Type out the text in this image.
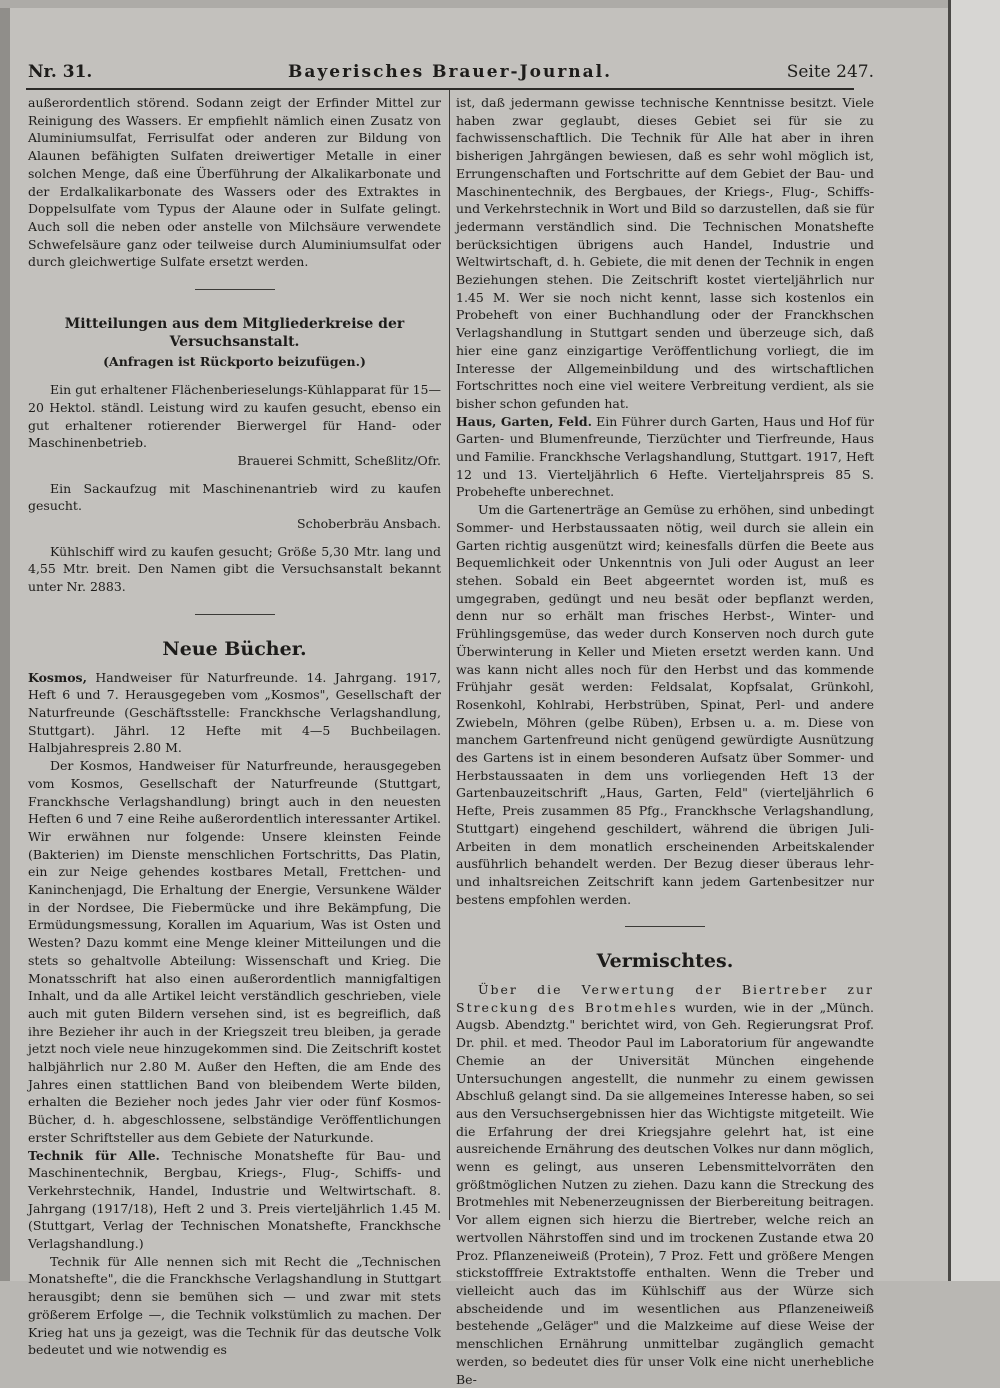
Nr. 31.	Bayerisches Brauer-Journal.	Seite 247.

außerordentlich störend. Sodann zeigt der Erfinder Mittel zur Reinigung des Wassers. Er empfiehlt nämlich einen Zusatz von Aluminiumsulfat, Ferrisulfat oder anderen zur Bildung von Alaunen befähigten Sulfaten dreiwertiger Metalle in einer solchen Menge, daß eine Überführung der Alkalikarbonate und der Erdalkalikarbonate des Wassers oder des Extraktes in Doppelsulfate vom Typus der Alaune oder in Sulfate gelingt. Auch soll die neben oder anstelle von Milchsäure verwendete Schwefelsäure ganz oder teilweise durch Aluminiumsulfat oder durch gleichwertige Sulfate ersetzt werden.

Mitteilungen aus dem Mitgliederkreise der Versuchsanstalt.
(Anfragen ist Rückporto beizufügen.)

Ein gut erhaltener Flächenberieselungs-Kühlapparat für 15—20 Hektol. ständl. Leistung wird zu kaufen gesucht, ebenso ein gut erhaltener rotierender Bierwergel für Hand- oder Maschinenbetrieb.

Brauerei Schmitt, Scheßlitz/Ofr.

Ein Sackaufzug mit Maschinenantrieb wird zu kaufen gesucht.

Schoberbräu Ansbach.

Kühlschiff wird zu kaufen gesucht; Größe 5,30 Mtr. lang und 4,55 Mtr. breit. Den Namen gibt die Versuchsanstalt bekannt unter Nr. 2883.

Neue Bücher.

Kosmos, Handweiser für Naturfreunde. 14. Jahrgang. 1917, Heft 6 und 7. Herausgegeben vom „Kosmos", Gesellschaft der Naturfreunde (Geschäftsstelle: Franckhsche Verlagshandlung, Stuttgart). Jährl. 12 Hefte mit 4—5 Buchbeilagen. Halbjahrespreis 2.80 M.

Der Kosmos, Handweiser für Naturfreunde, herausgegeben vom Kosmos, Gesellschaft der Naturfreunde (Stuttgart, Franckhsche Verlagshandlung) bringt auch in den neuesten Heften 6 und 7 eine Reihe außerordentlich interessanter Artikel. Wir erwähnen nur folgende: Unsere kleinsten Feinde (Bakterien) im Dienste menschlichen Fortschritts, Das Platin, ein zur Neige gehendes kostbares Metall, Frettchen- und Kaninchenjagd, Die Erhaltung der Energie, Versunkene Wälder in der Nordsee, Die Fiebermücke und ihre Bekämpfung, Die Ermüdungsmessung, Korallen im Aquarium, Was ist Osten und Westen? Dazu kommt eine Menge kleiner Mitteilungen und die stets so gehaltvolle Abteilung: Wissenschaft und Krieg. Die Monatsschrift hat also einen außerordentlich mannigfaltigen Inhalt, und da alle Artikel leicht verständlich geschrieben, viele auch mit guten Bildern versehen sind, ist es begreiflich, daß ihre Bezieher ihr auch in der Kriegszeit treu bleiben, ja gerade jetzt noch viele neue hinzugekommen sind. Die Zeitschrift kostet halbjährlich nur 2.80 M. Außer den Heften, die am Ende des Jahres einen stattlichen Band von bleibendem Werte bilden, erhalten die Bezieher noch jedes Jahr vier oder fünf Kosmos-Bücher, d. h. abgeschlossene, selbständige Veröffentlichungen erster Schriftsteller aus dem Gebiete der Naturkunde.

Technik für Alle. Technische Monatshefte für Bau- und Maschinentechnik, Bergbau, Kriegs-, Flug-, Schiffs- und Verkehrstechnik, Handel, Industrie und Weltwirtschaft. 8. Jahrgang (1917/18), Heft 2 und 3. Preis vierteljährlich 1.45 M. (Stuttgart, Verlag der Technischen Monatshefte, Franckhsche Verlagshandlung.)

Technik für Alle nennen sich mit Recht die „Technischen Monatshefte", die die Franckhsche Verlagshandlung in Stuttgart herausgibt; denn sie bemühen sich — und zwar mit stets größerem Erfolge —, die Technik volkstümlich zu machen. Der Krieg hat uns ja gezeigt, was die Technik für das deutsche Volk bedeutet und wie notwendig es

ist, daß jedermann gewisse technische Kenntnisse besitzt. Viele haben zwar geglaubt, dieses Gebiet sei für sie zu fachwissenschaftlich. Die Technik für Alle hat aber in ihren bisherigen Jahrgängen bewiesen, daß es sehr wohl möglich ist, Errungenschaften und Fortschritte auf dem Gebiet der Bau- und Maschinentechnik, des Bergbaues, der Kriegs-, Flug-, Schiffs- und Verkehrstechnik in Wort und Bild so darzustellen, daß sie für jedermann verständlich sind. Die Technischen Monatshefte berücksichtigen übrigens auch Handel, Industrie und Weltwirtschaft, d. h. Gebiete, die mit denen der Technik in engen Beziehungen stehen. Die Zeitschrift kostet vierteljährlich nur 1.45 M. Wer sie noch nicht kennt, lasse sich kostenlos ein Probeheft von einer Buchhandlung oder der Franckhschen Verlagshandlung in Stuttgart senden und überzeuge sich, daß hier eine ganz einzigartige Veröffentlichung vorliegt, die im Interesse der Allgemeinbildung und des wirtschaftlichen Fortschrittes noch eine viel weitere Verbreitung verdient, als sie bisher schon gefunden hat.

Haus, Garten, Feld. Ein Führer durch Garten, Haus und Hof für Garten- und Blumenfreunde, Tierzüchter und Tierfreunde, Haus und Familie. Franckhsche Verlagshandlung, Stuttgart. 1917, Heft 12 und 13. Vierteljährlich 6 Hefte. Vierteljahrspreis 85 S. Probehefte unberechnet.

Um die Gartenerträge an Gemüse zu erhöhen, sind unbedingt Sommer- und Herbstaussaaten nötig, weil durch sie allein ein Garten richtig ausgenützt wird; keinesfalls dürfen die Beete aus Bequemlichkeit oder Unkenntnis von Juli oder August an leer stehen. Sobald ein Beet abgeerntet worden ist, muß es umgegraben, gedüngt und neu besät oder bepflanzt werden, denn nur so erhält man frisches Herbst-, Winter- und Frühlingsgemüse, das weder durch Konserven noch durch gute Überwinterung in Keller und Mieten ersetzt werden kann. Und was kann nicht alles noch für den Herbst und das kommende Frühjahr gesät werden: Feldsalat, Kopfsalat, Grünkohl, Rosenkohl, Kohlrabi, Herbstrüben, Spinat, Perl- und andere Zwiebeln, Möhren (gelbe Rüben), Erbsen u. a. m. Diese von manchem Gartenfreund nicht genügend gewürdigte Ausnützung des Gartens ist in einem besonderen Aufsatz über Sommer- und Herbstaussaaten in dem uns vorliegenden Heft 13 der Gartenbauzeitschrift „Haus, Garten, Feld" (vierteljährlich 6 Hefte, Preis zusammen 85 Pfg., Franckhsche Verlagshandlung, Stuttgart) eingehend geschildert, während die übrigen Juli-Arbeiten in dem monatlich erscheinenden Arbeitskalender ausführlich behandelt werden. Der Bezug dieser überaus lehr- und inhaltsreichen Zeitschrift kann jedem Gartenbesitzer nur bestens empfohlen werden.

Vermischtes.

Über die Verwertung der Biertreber zur Streckung des Brotmehles wurden, wie in der „Münch. Augsb. Abendztg." berichtet wird, von Geh. Regierungsrat Prof. Dr. phil. et med. Theodor Paul im Laboratorium für angewandte Chemie an der Universität München eingehende Untersuchungen angestellt, die nunmehr zu einem gewissen Abschluß gelangt sind. Da sie allgemeines Interesse haben, so sei aus den Versuchsergebnissen hier das Wichtigste mitgeteilt. Wie die Erfahrung der drei Kriegsjahre gelehrt hat, ist eine ausreichende Ernährung des deutschen Volkes nur dann möglich, wenn es gelingt, aus unseren Lebensmittelvorräten den größtmöglichen Nutzen zu ziehen. Dazu kann die Streckung des Brotmehles mit Nebenerzeugnissen der Bierbereitung beitragen. Vor allem eignen sich hierzu die Biertreber, welche reich an wertvollen Nährstoffen sind und im trockenen Zustande etwa 20 Proz. Pflanzeneiweiß (Protein), 7 Proz. Fett und größere Mengen stickstofffreie Extraktstoffe enthalten. Wenn die Treber und vielleicht auch das im Kühlschiff aus der Würze sich abscheidende und im wesentlichen aus Pflanzeneiweiß bestehende „Geläger" und die Malzkeime auf diese Weise der menschlichen Ernährung unmittelbar zugänglich gemacht werden, so bedeutet dies für unser Volk eine nicht unerhebliche Be-
